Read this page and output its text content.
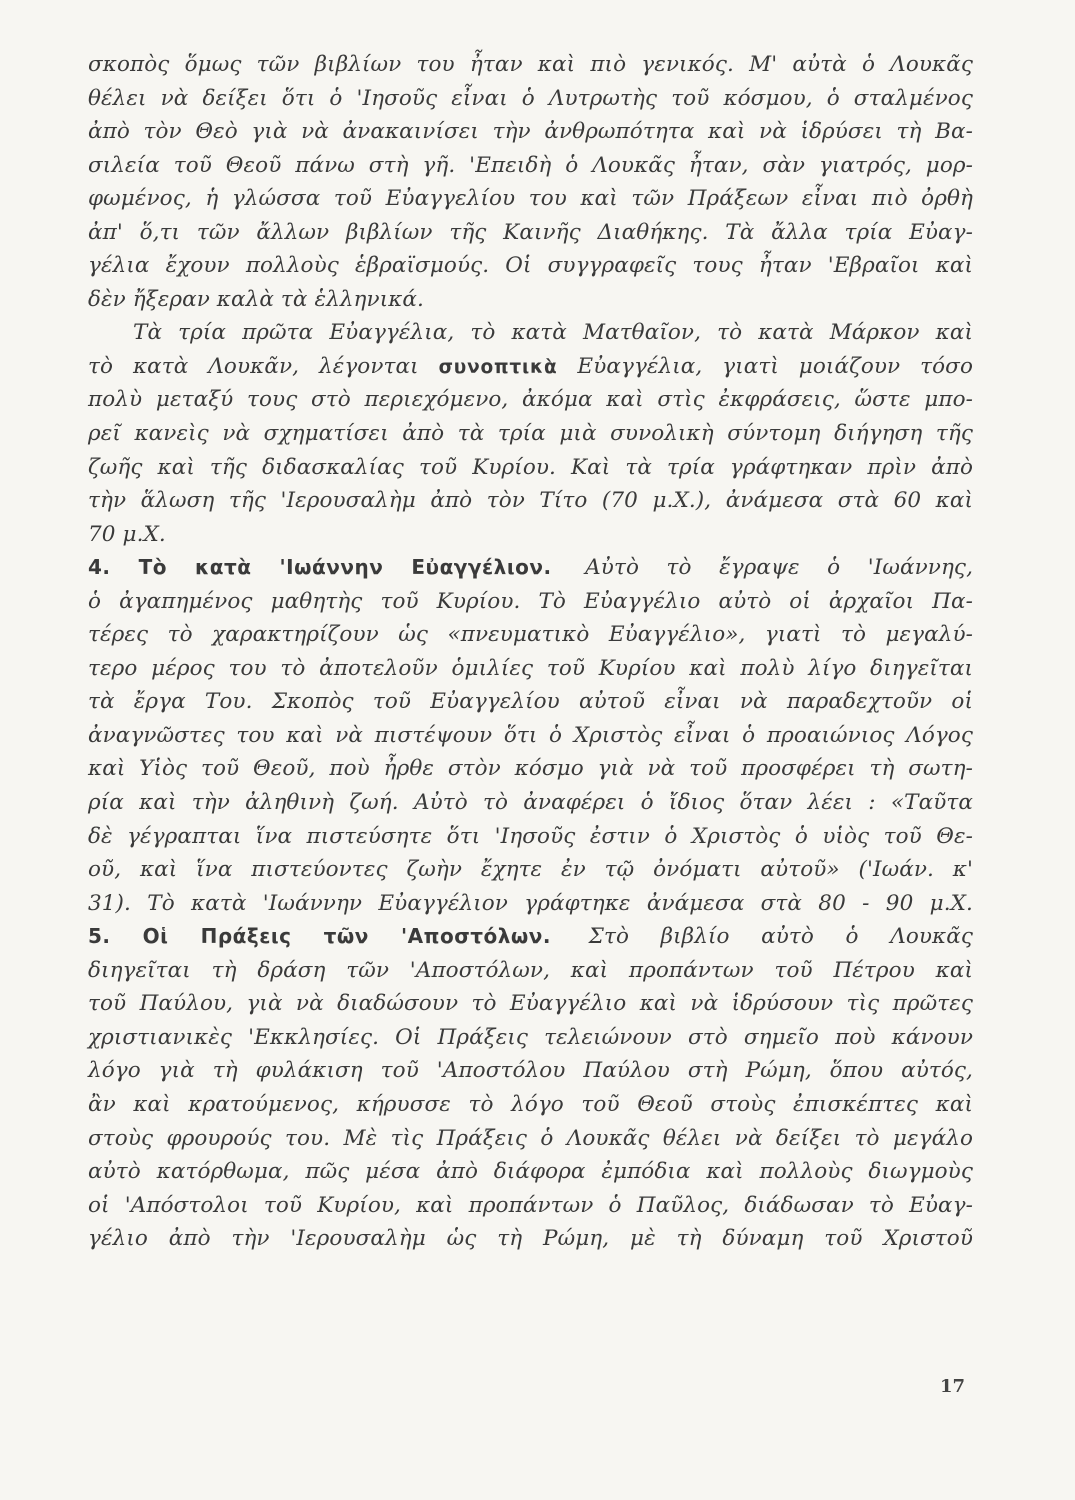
σκοπὸς ὅμως τῶν βιβλίων του ἦταν καὶ πιὸ γενικός. Μ' αὐτὰ ὁ Λουκᾶς
θέλει νὰ δείξει ὅτι ὁ 'Ιησοῦς εἶναι ὁ Λυτρωτὴς τοῦ κόσμου, ὁ σταλμένος
ἀπὸ τὸν Θεὸ γιὰ νὰ ἀνακαινίσει τὴν ἀνθρωπότητα καὶ νὰ ἱδρύσει τὴ Βα-
σιλεία τοῦ Θεοῦ πάνω στὴ γῆ. 'Επειδὴ ὁ Λουκᾶς ἦταν, σὰν γιατρός, μορ-
φωμένος, ἡ γλώσσα τοῦ Εὐαγγελίου του καὶ τῶν Πράξεων εἶναι πιὸ ὀρθὴ
ἀπ' ὅ,τι τῶν ἄλλων βιβλίων τῆς Καινῆς Διαθήκης. Τὰ ἄλλα τρία Εὐαγ-
γέλια ἔχουν πολλοὺς ἑβραϊσμούς. Οἱ συγγραφεῖς τους ἦταν 'Εβραῖοι καὶ
δὲν ἤξεραν καλὰ τὰ ἑλληνικά.
Τὰ τρία πρῶτα Εὐαγγέλια, τὸ κατὰ Ματθαῖον, τὸ κατὰ Μάρκον καὶ
τὸ κατὰ Λουκᾶν, λέγονται συνοπτικὰ Εὐαγγέλια, γιατὶ μοιάζουν τόσο
πολὺ μεταξύ τους στὸ περιεχόμενο, ἀκόμα καὶ στὶς ἐκφράσεις, ὥστε μπο-
ρεῖ κανεὶς νὰ σχηματίσει ἀπὸ τὰ τρία μιὰ συνολικὴ σύντομη διήγηση τῆς
ζωῆς καὶ τῆς διδασκαλίας τοῦ Κυρίου. Καὶ τὰ τρία γράφτηκαν πρὶν ἀπὸ
τὴν ἅλωση τῆς 'Ιερουσαλὴμ ἀπὸ τὸν Τίτο (70 μ.Χ.), ἀνάμεσα στὰ 60 καὶ
70 μ.Χ.
4. Τὸ κατὰ 'Ιωάννην Εὐαγγέλιον. Αὐτὸ τὸ ἔγραψε ὁ 'Ιωάννης,
ὁ ἀγαπημένος μαθητὴς τοῦ Κυρίου. Τὸ Εὐαγγέλιο αὐτὸ οἱ ἀρχαῖοι Πα-
τέρες τὸ χαρακτηρίζουν ὡς «πνευματικὸ Εὐαγγέλιο», γιατὶ τὸ μεγαλύ-
τερο μέρος του τὸ ἀποτελοῦν ὁμιλίες τοῦ Κυρίου καὶ πολὺ λίγο διηγεῖται
τὰ ἔργα Του. Σκοπὸς τοῦ Εὐαγγελίου αὐτοῦ εἶναι νὰ παραδεχτοῦν οἱ
ἀναγνῶστες του καὶ νὰ πιστέψουν ὅτι ὁ Χριστὸς εἶναι ὁ προαιώνιος Λόγος
καὶ Υἱὸς τοῦ Θεοῦ, ποὺ ἦρθε στὸν κόσμο γιὰ νὰ τοῦ προσφέρει τὴ σωτη-
ρία καὶ τὴν ἀληθινὴ ζωή. Αὐτὸ τὸ ἀναφέρει ὁ ἴδιος ὅταν λέει : «Ταῦτα
δὲ γέγραπται ἵνα πιστεύσητε ὅτι 'Ιησοῦς ἐστιν ὁ Χριστὸς ὁ υἱὸς τοῦ Θε-
οῦ, καὶ ἵνα πιστεύοντες ζωὴν ἔχητε ἐν τῷ ὀνόματι αὐτοῦ» ('Ιωάν. κ'
31). Τὸ κατὰ 'Ιωάννην Εὐαγγέλιον γράφτηκε ἀνάμεσα στὰ 80 - 90 μ.Χ.
5. Οἱ Πράξεις τῶν 'Αποστόλων. Στὸ βιβλίο αὐτὸ ὁ Λουκᾶς
διηγεῖται τὴ δράση τῶν 'Αποστόλων, καὶ προπάντων τοῦ Πέτρου καὶ
τοῦ Παύλου, γιὰ νὰ διαδώσουν τὸ Εὐαγγέλιο καὶ νὰ ἱδρύσουν τὶς πρῶτες
χριστιανικὲς 'Εκκλησίες. Οἱ Πράξεις τελειώνουν στὸ σημεῖο ποὺ κάνουν
λόγο γιὰ τὴ φυλάκιση τοῦ 'Αποστόλου Παύλου στὴ Ρώμη, ὅπου αὐτός,
ἂν καὶ κρατούμενος, κήρυσσε τὸ λόγο τοῦ Θεοῦ στοὺς ἐπισκέπτες καὶ
στοὺς φρουρούς του. Μὲ τὶς Πράξεις ὁ Λουκᾶς θέλει νὰ δείξει τὸ μεγάλο
αὐτὸ κατόρθωμα, πῶς μέσα ἀπὸ διάφορα ἐμπόδια καὶ πολλοὺς διωγμοὺς
οἱ 'Απόστολοι τοῦ Κυρίου, καὶ προπάντων ὁ Παῦλος, διάδωσαν τὸ Εὐαγ-
γέλιο ἀπὸ τὴν 'Ιερουσαλὴμ ὡς τὴ Ρώμη, μὲ τὴ δύναμη τοῦ Χριστοῦ
17
